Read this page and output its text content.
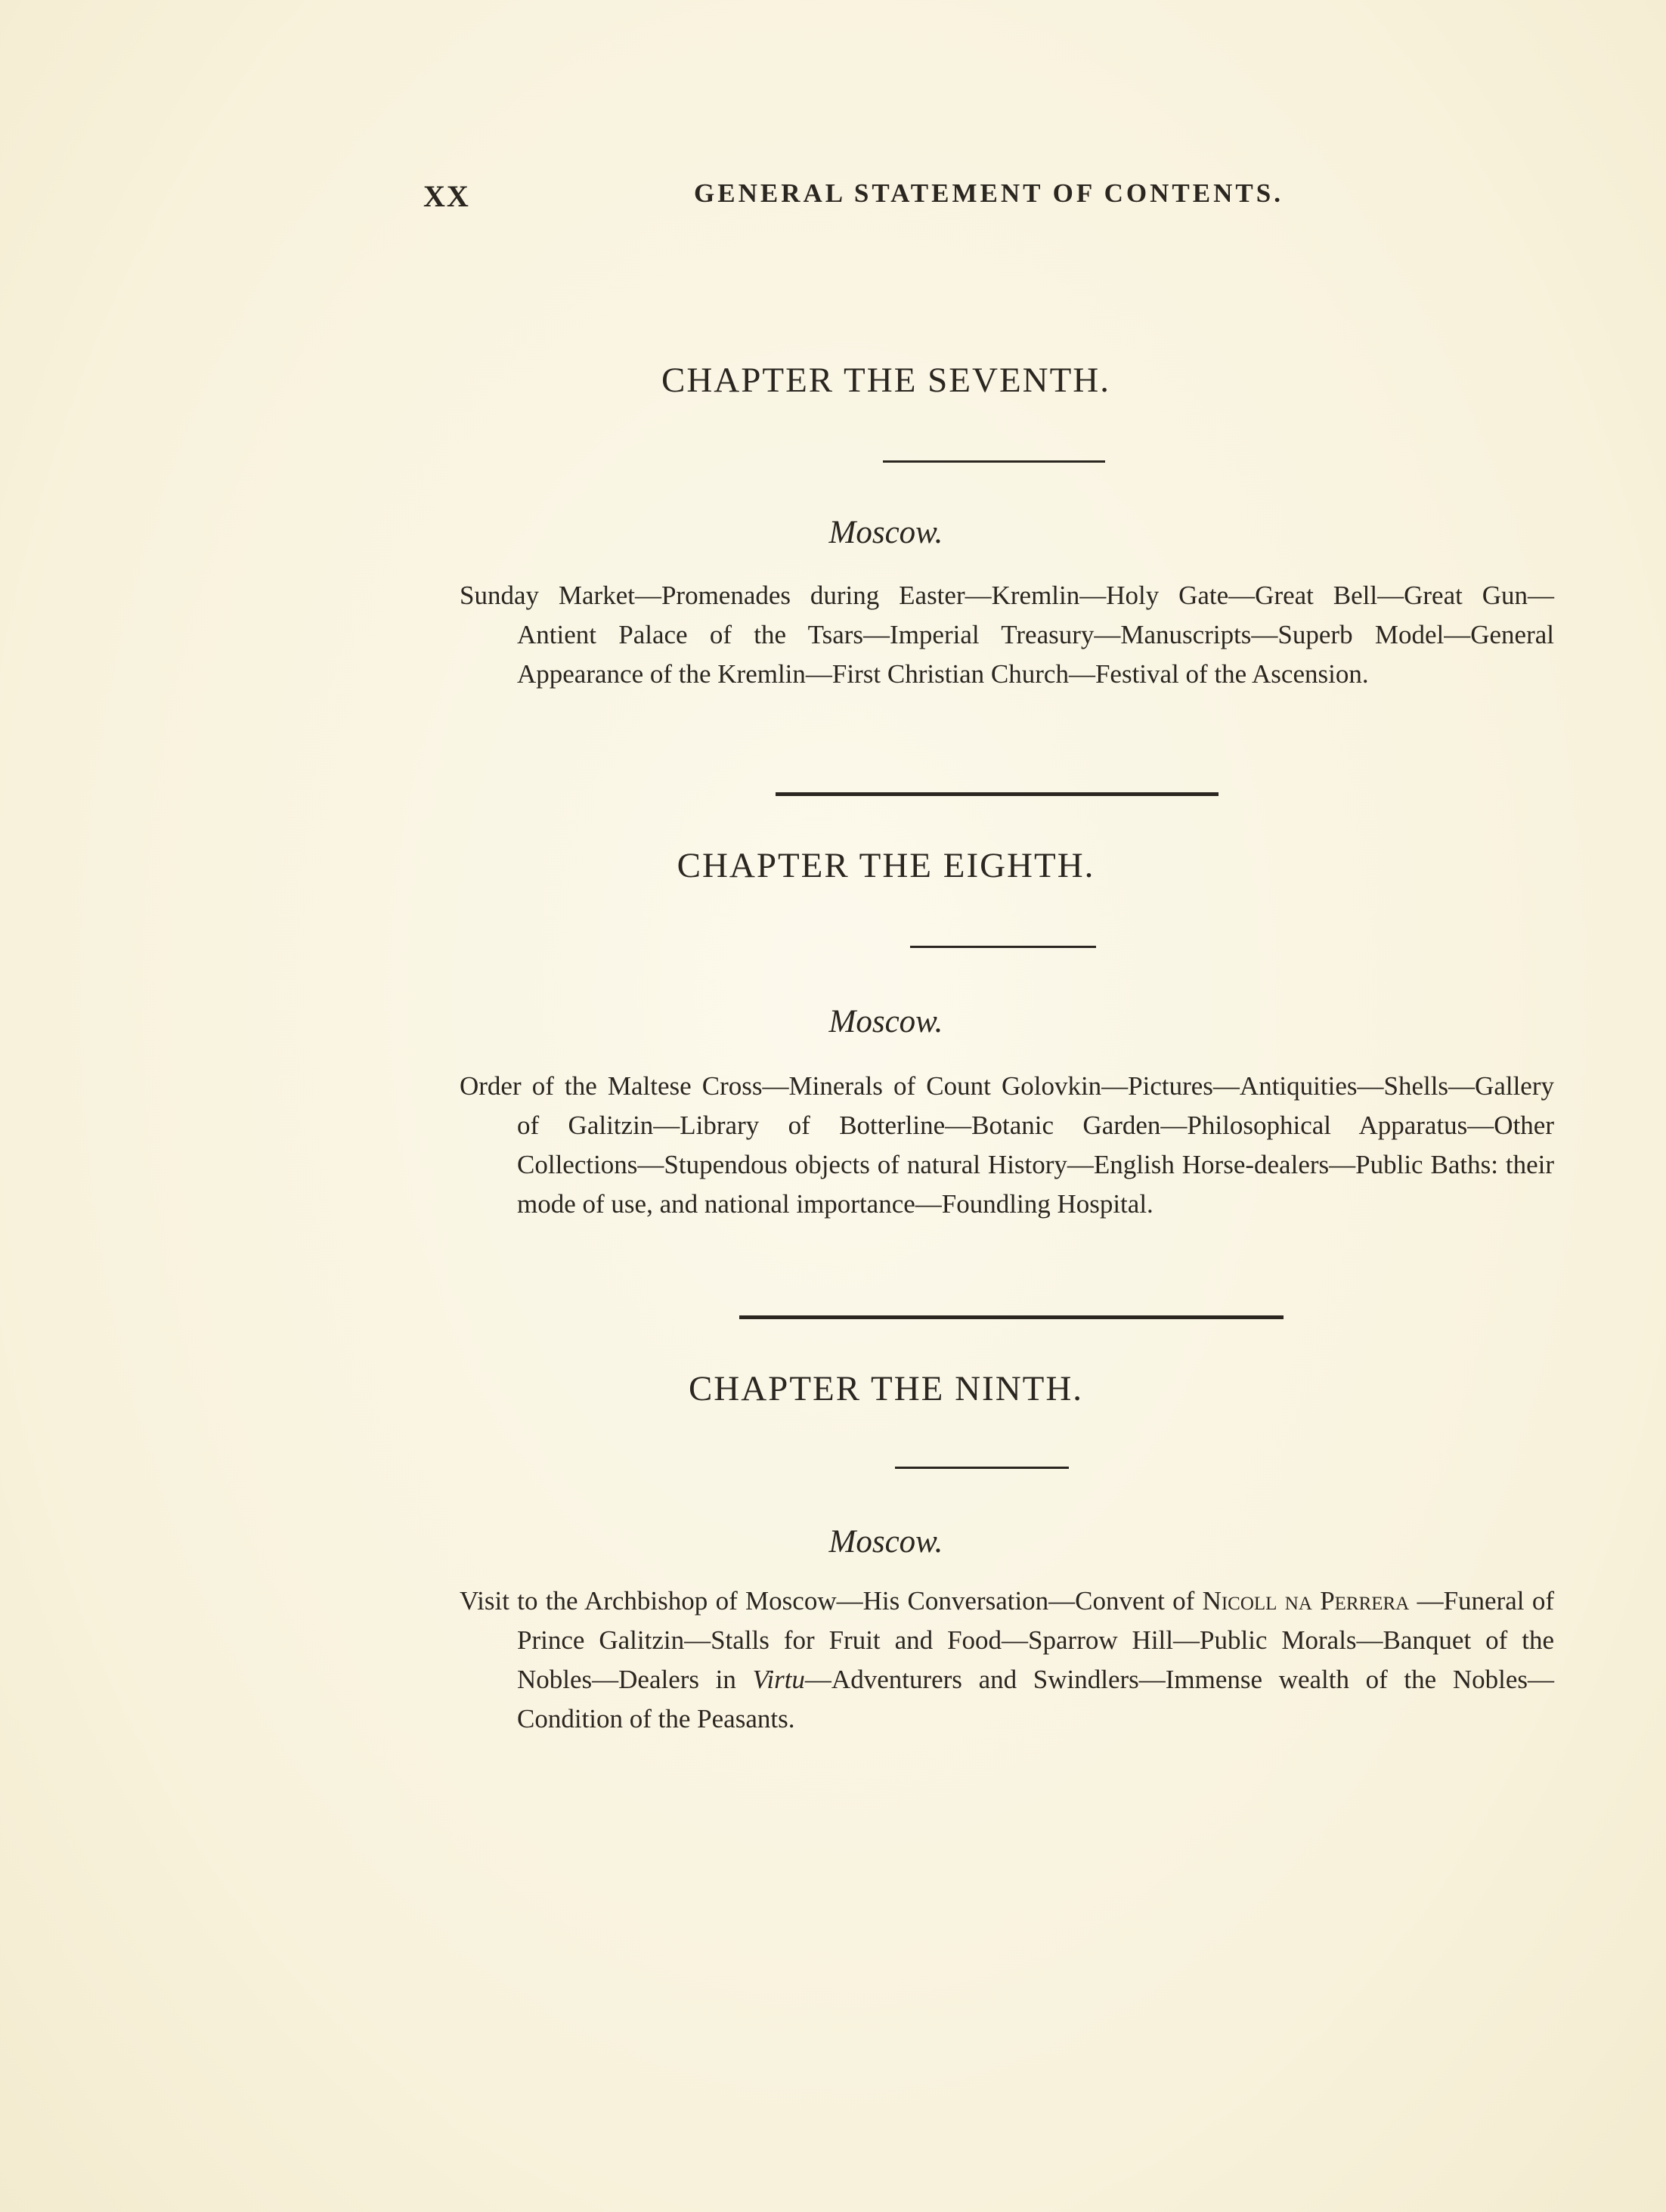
XX	GENERAL STATEMENT OF CONTENTS.
CHAPTER THE SEVENTH.
Moscow.
Sunday Market—Promenades during Easter—Kremlin—Holy Gate—Great Bell—Great Gun—Antient Palace of the Tsars—Imperial Treasury—Manuscripts—Superb Model—General Appearance of the Kremlin—First Christian Church—Festival of the Ascension.
CHAPTER THE EIGHTH.
Moscow.
Order of the Maltese Cross—Minerals of Count Golovkin—Pictures—Antiquities—Shells—Gallery of Galitzin—Library of Botterline—Botanic Garden—Philosophical Apparatus—Other Collections—Stupendous objects of natural History—English Horse-dealers—Public Baths: their mode of use, and national importance—Foundling Hospital.
CHAPTER THE NINTH.
Moscow.
Visit to the Archbishop of Moscow—His Conversation—Convent of Nicoll na Perrera —Funeral of Prince Galitzin—Stalls for Fruit and Food—Sparrow Hill—Public Morals—Banquet of the Nobles—Dealers in Virtu—Adventurers and Swindlers—Immense wealth of the Nobles—Condition of the Peasants.
